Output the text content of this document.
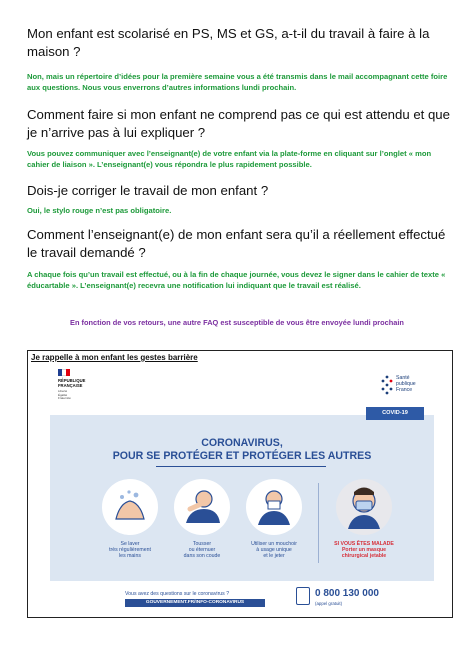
Mon enfant est scolarisé en PS, MS et GS, a-t-il du travail à faire à la maison ?
Non, mais un répertoire d’idées pour la première semaine vous a été transmis dans le mail accompagnant cette foire aux questions. Nous vous enverrons d’autres informations lundi prochain.
Comment faire si mon enfant ne comprend pas ce qui est attendu et que je n’arrive pas à lui expliquer ?
Vous pouvez communiquer avec l’enseignant(e) de votre enfant via la plate-forme en cliquant sur l’onglet « mon cahier de liaison ». L’enseignant(e) vous répondra le plus rapidement possible.
Dois-je corriger le travail de mon enfant ?
Oui, le stylo rouge n’est pas obligatoire.
Comment l’enseignant(e) de mon enfant sera qu’il a réellement effectué le travail demandé ?
A chaque fois qu’un travail est effectué, ou à la fin de chaque journée, vous devez le signer dans le cahier de texte « éducartable ». L’enseignant(e) recevra une notification lui indiquant que le travail est réalisé.
En fonction de vos retours, une autre FAQ est susceptible de vous être envoyée lundi prochain
Je rappelle à mon enfant les gestes barrière
RÉPUBLIQUE
FRANÇAISE
Liberté
Égalité
Fraternité
Santé
publique
France
COVID-19
CORONAVIRUS,
POUR SE PROTÉGER ET PROTÉGER LES AUTRES
Se laver
très régulièrement
les mains
Tousser
ou éternuer
dans son coude
Utiliser un mouchoir
à usage unique
et le jeter
SI VOUS ÊTES MALADE
Porter un masque
chirurgical jetable
Vous avez des questions sur le coronavirus ?
GOUVERNEMENT.FR/INFO-CORONAVIRUS
0 800 130 000
(appel gratuit)
